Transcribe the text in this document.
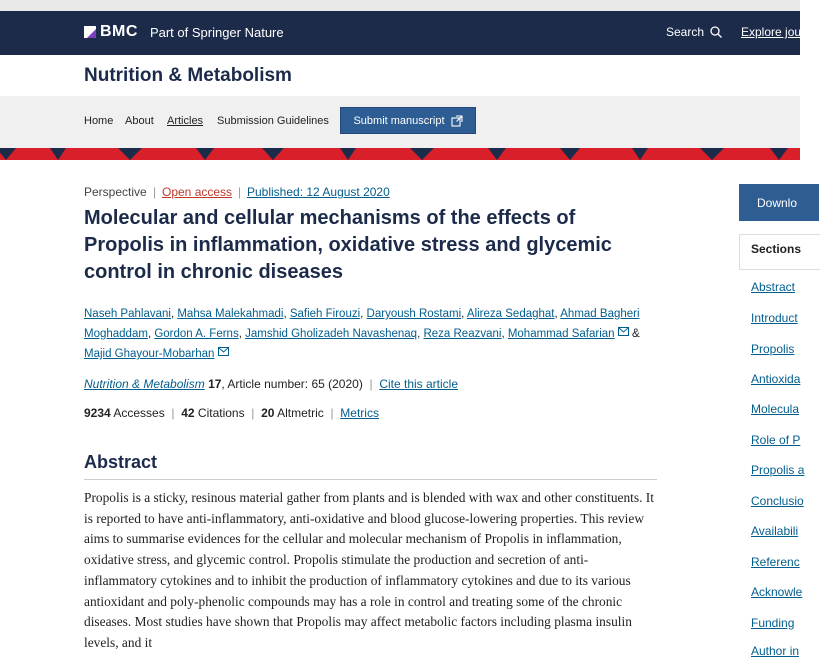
BMC Part of Springer Nature	Search	Explore journ
Nutrition & Metabolism
Home About Articles Submission Guidelines Submit manuscript
Perspective | Open access | Published: 12 August 2020
Molecular and cellular mechanisms of the effects of Propolis in inflammation, oxidative stress and glycemic control in chronic diseases
Naseh Pahlavani, Mahsa Malekahmadi, Safieh Firouzi, Daryoush Rostami, Alireza Sedaghat, Ahmad Bagheri Moghaddam, Gordon A. Ferns, Jamshid Gholizadeh Navashenaq, Reza Reazvani, Mohammad Safarian & Majid Ghayour-Mobarhan
Nutrition & Metabolism 17, Article number: 65 (2020)  |  Cite this article
9234 Accesses  |  42 Citations  |  20 Altmetric  |  Metrics
Abstract

Propolis is a sticky, resinous material gather from plants and is blended with wax and other constituents. It is reported to have anti-inflammatory, anti-oxidative and blood glucose-lowering properties. This review aims to summarise evidences for the cellular and molecular mechanism of Propolis in inflammation, oxidative stress, and glycemic control. Propolis stimulate the production and secretion of anti-inflammatory cytokines and to inhibit the production of inflammatory cytokines and due to its various antioxidant and poly-phenolic compounds may has a role in control and treating some of the chronic diseases. Most studies have shown that Propolis may affect metabolic factors including plasma insulin levels, and it

Downlo
Sections
Abstract
Introduct
Propolis
Antioxida
Molecula
Role of P
Propolis a
Conclusio
Availabili
Referenc
Acknowle
Funding
Author in
